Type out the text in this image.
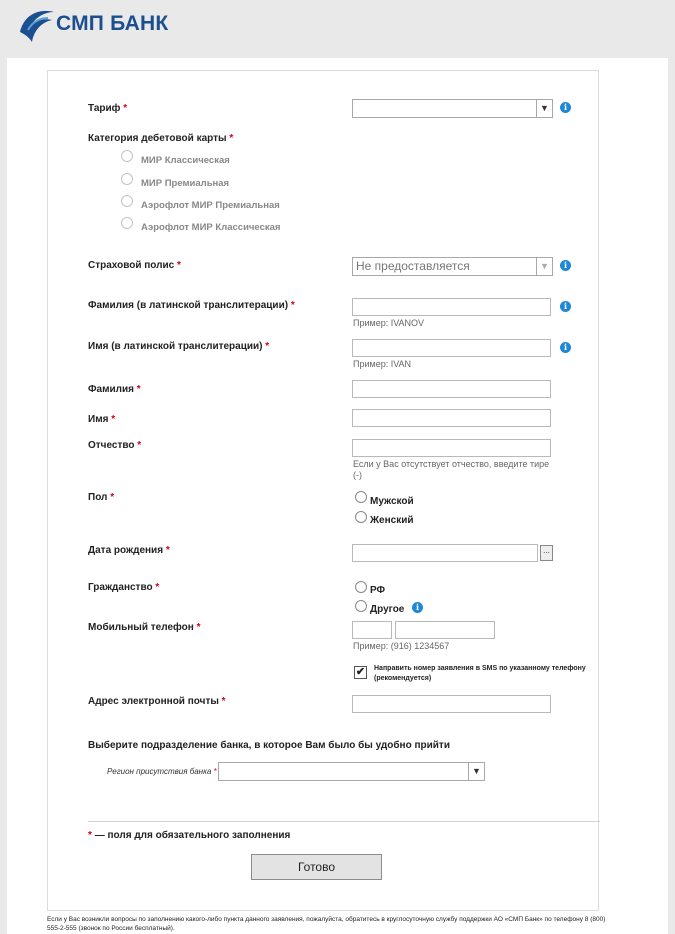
СМП БАНК
Тариф *	▼	i
Категория дебетовой карты *
МИР Классическая
МИР Премиальная
Аэрофлот МИР Премиальная
Аэрофлот МИР Классическая
Страховой полис *	Не предоставляется	▼	i
Фамилия (в латинской транслитерации) *	i
Пример: IVANOV
Имя (в латинской транслитерации) *	i
Пример: IVAN
Фамилия *
Имя *
Отчество *
Если у Вас отсутствует отчество, введите тире (-)
Пол *	Мужской
Женский
Дата рождения *	...
Гражданство *	РФ
Другое	i
Мобильный телефон *
Пример: (916) 1234567
✔ Направить номер заявления в SMS по указанному телефону (рекомендуется)
Адрес электронной почты *
Выберите подразделение банка, в которое Вам было бы удобно прийти
Регион присутствия банка *	▼
* — поля для обязательного заполнения
Готово
Если у Вас возникли вопросы по заполнению какого-либо пункта данного заявления, пожалуйста, обратитесь в круглосуточную службу поддержки АО «СМП Банк» по телефону 8 (800) 555-2-555 (звонок по России бесплатный).
